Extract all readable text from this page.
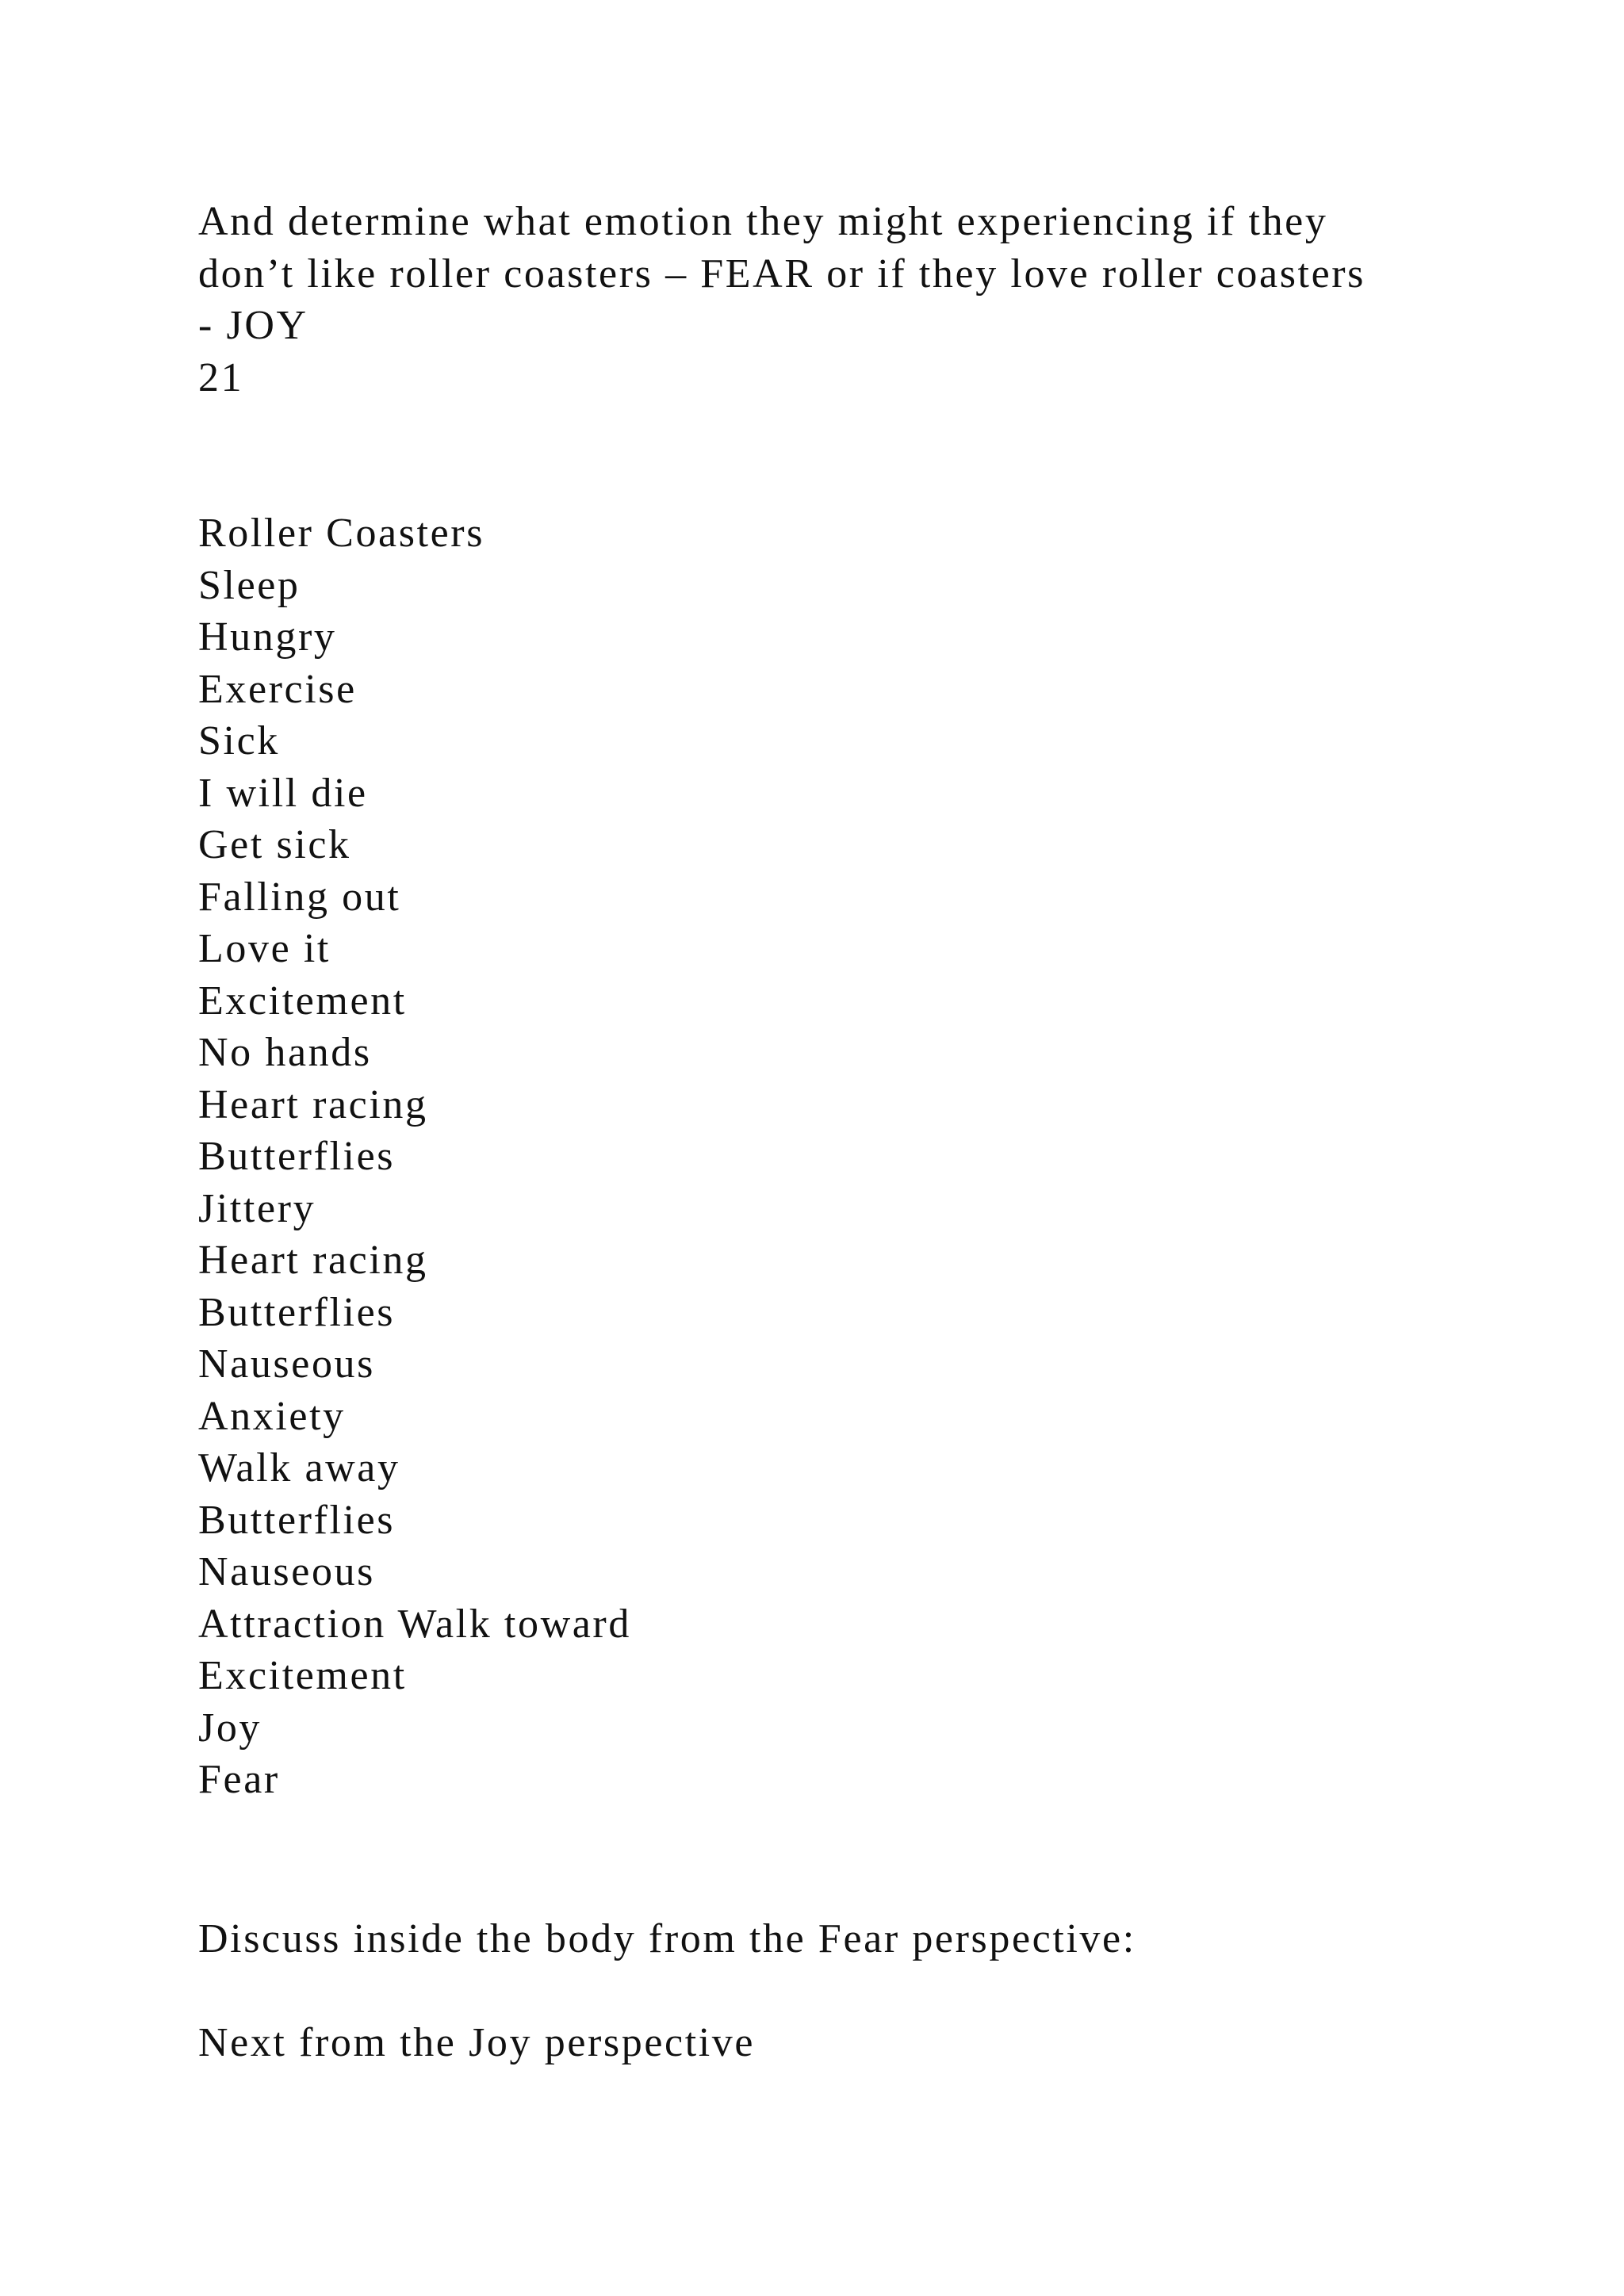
And determine what emotion they might experiencing if they
don’t like roller coasters – FEAR or if they love roller coasters
- JOY
21
Roller Coasters
Sleep
Hungry
Exercise
Sick
I will die
Get sick
Falling out
Love it
Excitement
No hands
Heart racing
Butterflies
Jittery
Heart racing
Butterflies
Nauseous
Anxiety
Walk away
Butterflies
Nauseous
Attraction Walk toward
Excitement
Joy
Fear
Discuss inside the body from the Fear perspective:
Next from the Joy perspective
